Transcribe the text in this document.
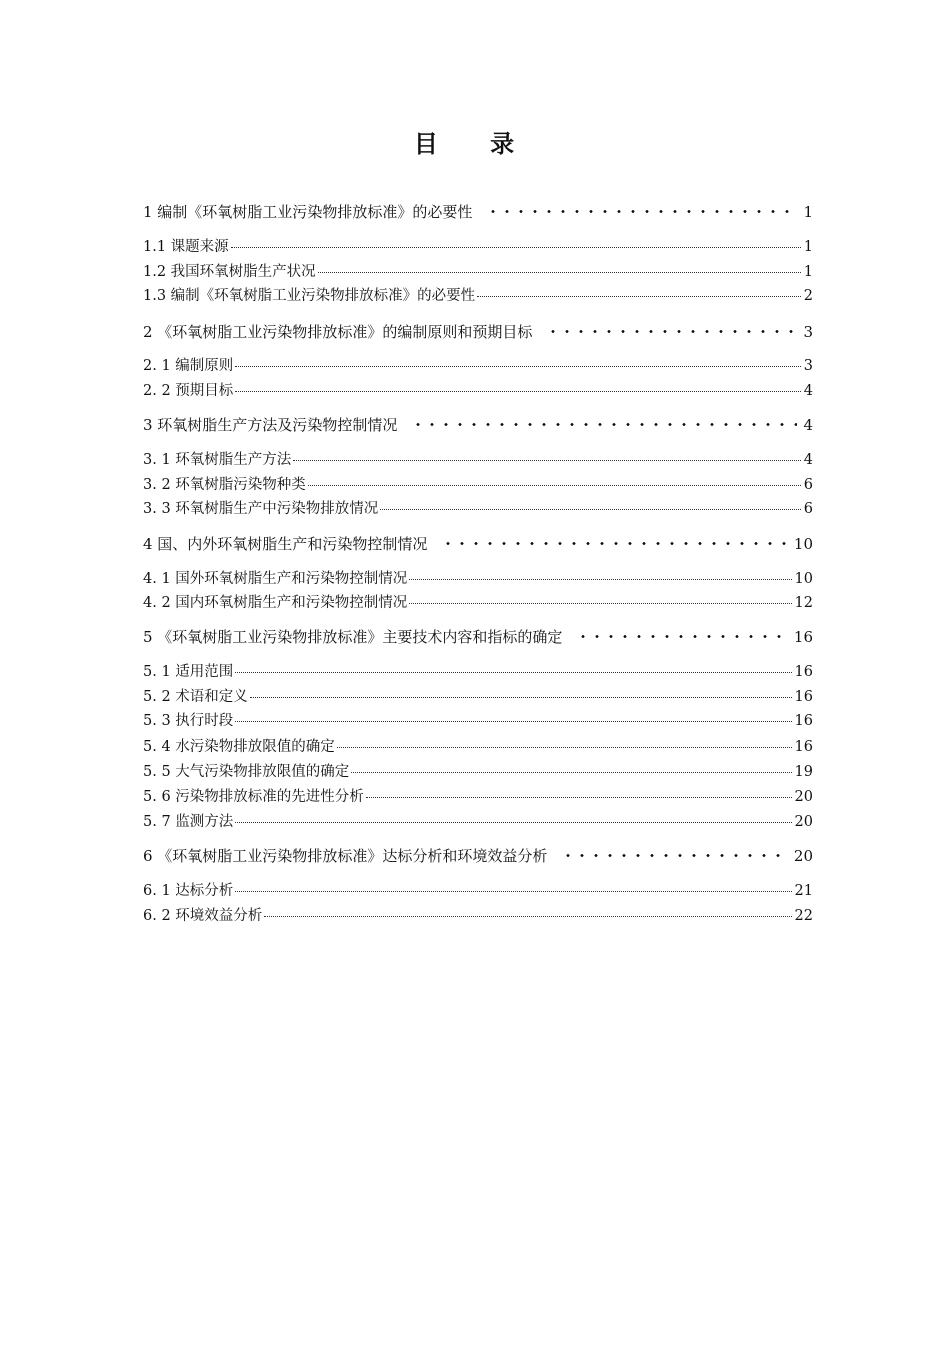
目 录
1 编制《环氧树脂工业污染物排放标准》的必要性	1
1.1 课题来源	1
1.2 我国环氧树脂生产状况	1
1.3 编制《环氧树脂工业污染物排放标准》的必要性	2
2 《环氧树脂工业污染物排放标准》的编制原则和预期目标	3
2. 1 编制原则	3
2. 2 预期目标	4
3 环氧树脂生产方法及污染物控制情况	4
3. 1 环氧树脂生产方法	4
3. 2 环氧树脂污染物种类	6
3. 3 环氧树脂生产中污染物排放情况	6
4 国、内外环氧树脂生产和污染物控制情况	10
4. 1 国外环氧树脂生产和污染物控制情况	10
4. 2 国内环氧树脂生产和污染物控制情况	12
5 《环氧树脂工业污染物排放标准》主要技术内容和指标的确定	16
5. 1 适用范围	16
5. 2 术语和定义	16
5. 3 执行时段	16
5. 4 水污染物排放限值的确定	16
5. 5 大气污染物排放限值的确定	19
5. 6 污染物排放标准的先进性分析	20
5. 7 监测方法	20
6 《环氧树脂工业污染物排放标准》达标分析和环境效益分析	20
6. 1 达标分析	21
6. 2 环境效益分析	22
